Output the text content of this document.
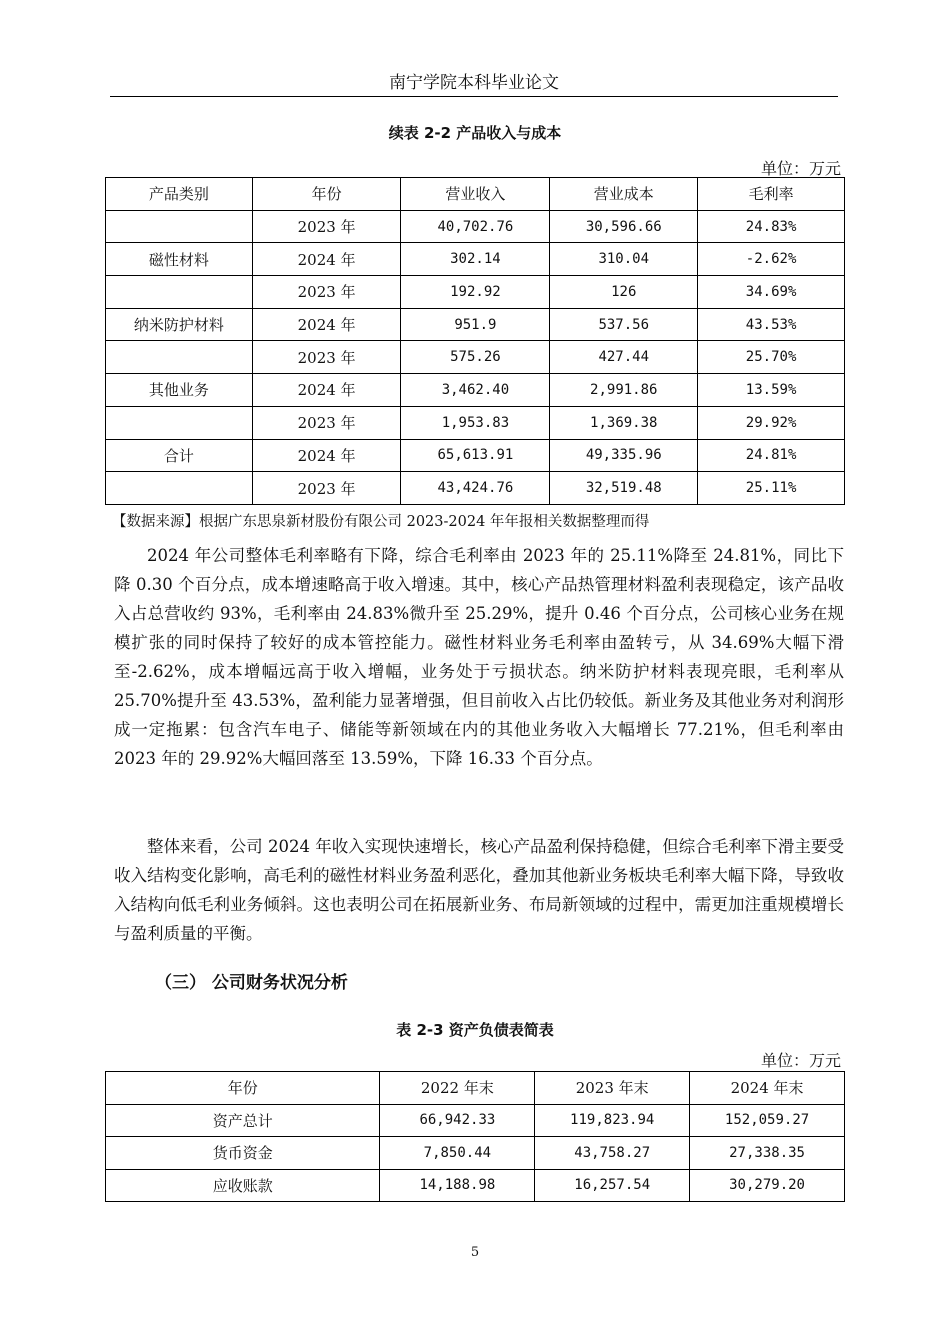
南宁学院本科毕业论文
续表 2-2 产品收入与成本
单位：万元
产品类别	年份	营业收入	营业成本	毛利率
	2023 年	40,702.76	30,596.66	24.83%
磁性材料	2024 年	302.14	310.04	-2.62%
	2023 年	192.92	126	34.69%
纳米防护材料	2024 年	951.9	537.56	43.53%
	2023 年	575.26	427.44	25.70%
其他业务	2024 年	3,462.40	2,991.86	13.59%
	2023 年	1,953.83	1,369.38	29.92%
合计	2024 年	65,613.91	49,335.96	24.81%
	2023 年	43,424.76	32,519.48	25.11%
【数据来源】根据广东思泉新材股份有限公司 2023-2024 年年报相关数据整理而得

2024 年公司整体毛利率略有下降，综合毛利率由 2023 年的 25.11%降至 24.81%，同比下降 0.30 个百分点，成本增速略高于收入增速。其中，核心产品热管理材料盈利表现稳定，该产品收入占总营收约 93%，毛利率由 24.83%微升至 25.29%，提升 0.46 个百分点，公司核心业务在规模扩张的同时保持了较好的成本管控能力。磁性材料业务毛利率由盈转亏，从 34.69%大幅下滑至-2.62%，成本增幅远高于收入增幅，业务处于亏损状态。纳米防护材料表现亮眼，毛利率从 25.70%提升至 43.53%，盈利能力显著增强，但目前收入占比仍较低。新业务及其他业务对利润形成一定拖累：包含汽车电子、储能等新领域在内的其他业务收入大幅增长 77.21%，但毛利率由 2023 年的 29.92%大幅回落至 13.59%，下降 16.33 个百分点。

整体来看，公司 2024 年收入实现快速增长，核心产品盈利保持稳健，但综合毛利率下滑主要受收入结构变化影响，高毛利的磁性材料业务盈利恶化，叠加其他新业务板块毛利率大幅下降，导致收入结构向低毛利业务倾斜。这也表明公司在拓展新业务、布局新领域的过程中，需更加注重规模增长与盈利质量的平衡。

（三） 公司财务状况分析
表 2-3 资产负债表简表
单位：万元
年份	2022 年末	2023 年末	2024 年末
资产总计	66,942.33	119,823.94	152,059.27
货币资金	7,850.44	43,758.27	27,338.35
应收账款	14,188.98	16,257.54	30,279.20
5
